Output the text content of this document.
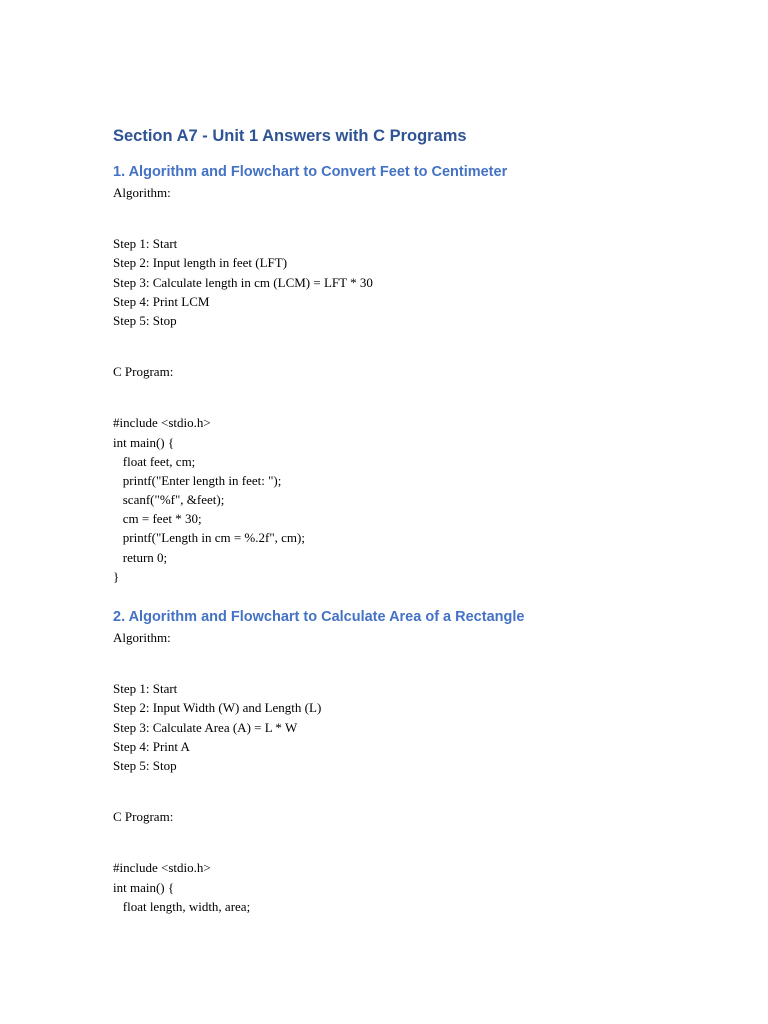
Section A7 - Unit 1 Answers with C Programs
1. Algorithm and Flowchart to Convert Feet to Centimeter

Algorithm:

Step 1: Start

Step 2: Input length in feet (LFT)

Step 3: Calculate length in cm (LCM) = LFT * 30

Step 4: Print LCM

Step 5: Stop

C Program:

#include <stdio.h>

int main() {

float feet, cm;

printf("Enter length in feet: ");

scanf("%f", &feet);

cm = feet * 30;

printf("Length in cm = %.2f", cm);

return 0;

}

2. Algorithm and Flowchart to Calculate Area of a Rectangle

Algorithm:

Step 1: Start

Step 2: Input Width (W) and Length (L)

Step 3: Calculate Area (A) = L * W

Step 4: Print A

Step 5: Stop

C Program:

#include <stdio.h>

int main() {

float length, width, area;
